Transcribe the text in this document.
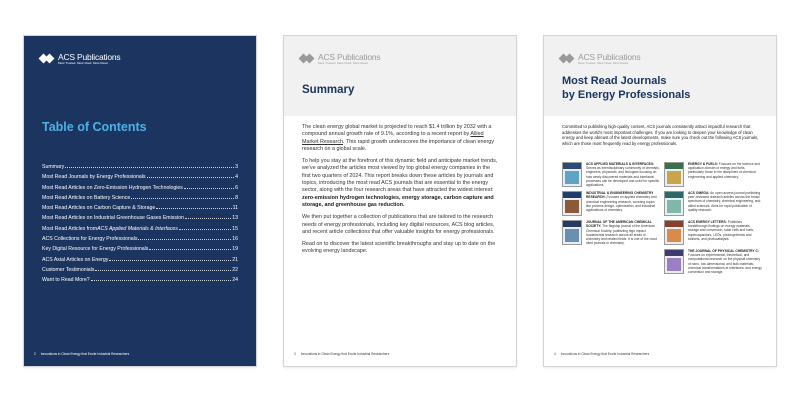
ACS Publications
Most Trusted. Most Cited. Most Read.
Table of Contents
Summary	3
Most Read Journals by Energy Professionals	4
Most Read Articles on Zero-Emission Hydrogen Technologies	6
Most Read Articles on Battery Science	8
Most Read Articles on Carbon Capture & Storage	11
Most Read Articles on Industrial Greenhouse Gases Emission	13
Most Read Articles from ACS Applied Materials & Interfaces	15
ACS Collections for Energy Professionals	16
Key Digital Resource for Energy Professionals	19
ACS Axial Articles on Energy	21
Customer Testimonials	22
Want to Read More?	24
2 Innovations in Clean Energy that Excite Industrial Researchers
ACS Publications
Most Trusted. Most Cited. Most Read.
Summary

The clean energy global market is projected to reach $1.4 trillion by 2032 with a compound annual growth rate of 9.1%, according to a recent report by Allied Market Research. This rapid growth underscores the importance of clean energy research on a global scale.

To help you stay at the forefront of this dynamic field and anticipate market trends, we've analyzed the articles most viewed by top global energy companies in the first two quarters of 2024. This report breaks down these articles by journals and topics, introducing the most read ACS journals that are essential to the energy sector, along with the four research areas that have attracted the widest interest: zero-emission hydrogen technologies, energy storage, carbon capture and storage, and greenhouse gas reduction.

We then put together a collection of publications that are tailored to the research needs of energy professionals, including key digital resources, ACS blog articles, and recent article collections that offer valuable insights for energy professionals.

Read on to discover the latest scientific breakthroughs and stay up to date on the evolving energy landscape.

3 Innovations in Clean Energy that Excite Industrial Researchers
ACS Publications
Most Trusted. Most Cited. Most Read.
Most Read Journals
by Energy Professionals
Committed to publishing high-quality content, ACS journals consistently attract impactful research that addresses the world's most important challenges. If you are looking to deepen your knowledge of clean energy and keep abreast of the latest developments, make sure you check out the following ACS journals, which are those most frequently read by energy professionals.
ACS APPLIED MATERIALS & INTERFACES: Serves as interdisciplinary community of chemists, engineers, physicists, and biologists focusing on how newly discovered materials and interfacial processes can be developed and used for specific applications.
INDUSTRIAL & ENGINEERING CHEMISTRY RESEARCH: Focuses on applied chemistry and chemical engineering research, covering topics like process design, optimization, and industrial applications of chemistry.
JOURNAL OF THE AMERICAN CHEMICAL SOCIETY: The flagship journal of the American Chemical Society, publishing high impact fundamental research across all areas of chemistry and related fields. It is one of the most cited journals in chemistry.
ENERGY & FUELS: Focuses on the science and application domain of energy and fuels, particularly those in the disciplines of chemical engineering and applied chemistry.
ACS OMEGA: An open access journal publishing peer-reviewed research articles across the broad spectrum of chemistry, chemical engineering, and allied sciences. Aims for rapid publication of quality research.
ACS ENERGY LETTERS: Publishes breakthrough findings on energy materials, storage and conversion, solar cells and fuels, supercapacitors, LEDs, photosynthesis and biofuels, and photocatalysis.
THE JOURNAL OF PHYSICAL CHEMISTRY C: Focuses on experimental, theoretical, and computational research on the physical chemistry of nano, low-dimensional, and bulk materials; chemical transformations at interfaces; and energy conversion and storage.
4 Innovations in Clean Energy that Excite Industrial Researchers
